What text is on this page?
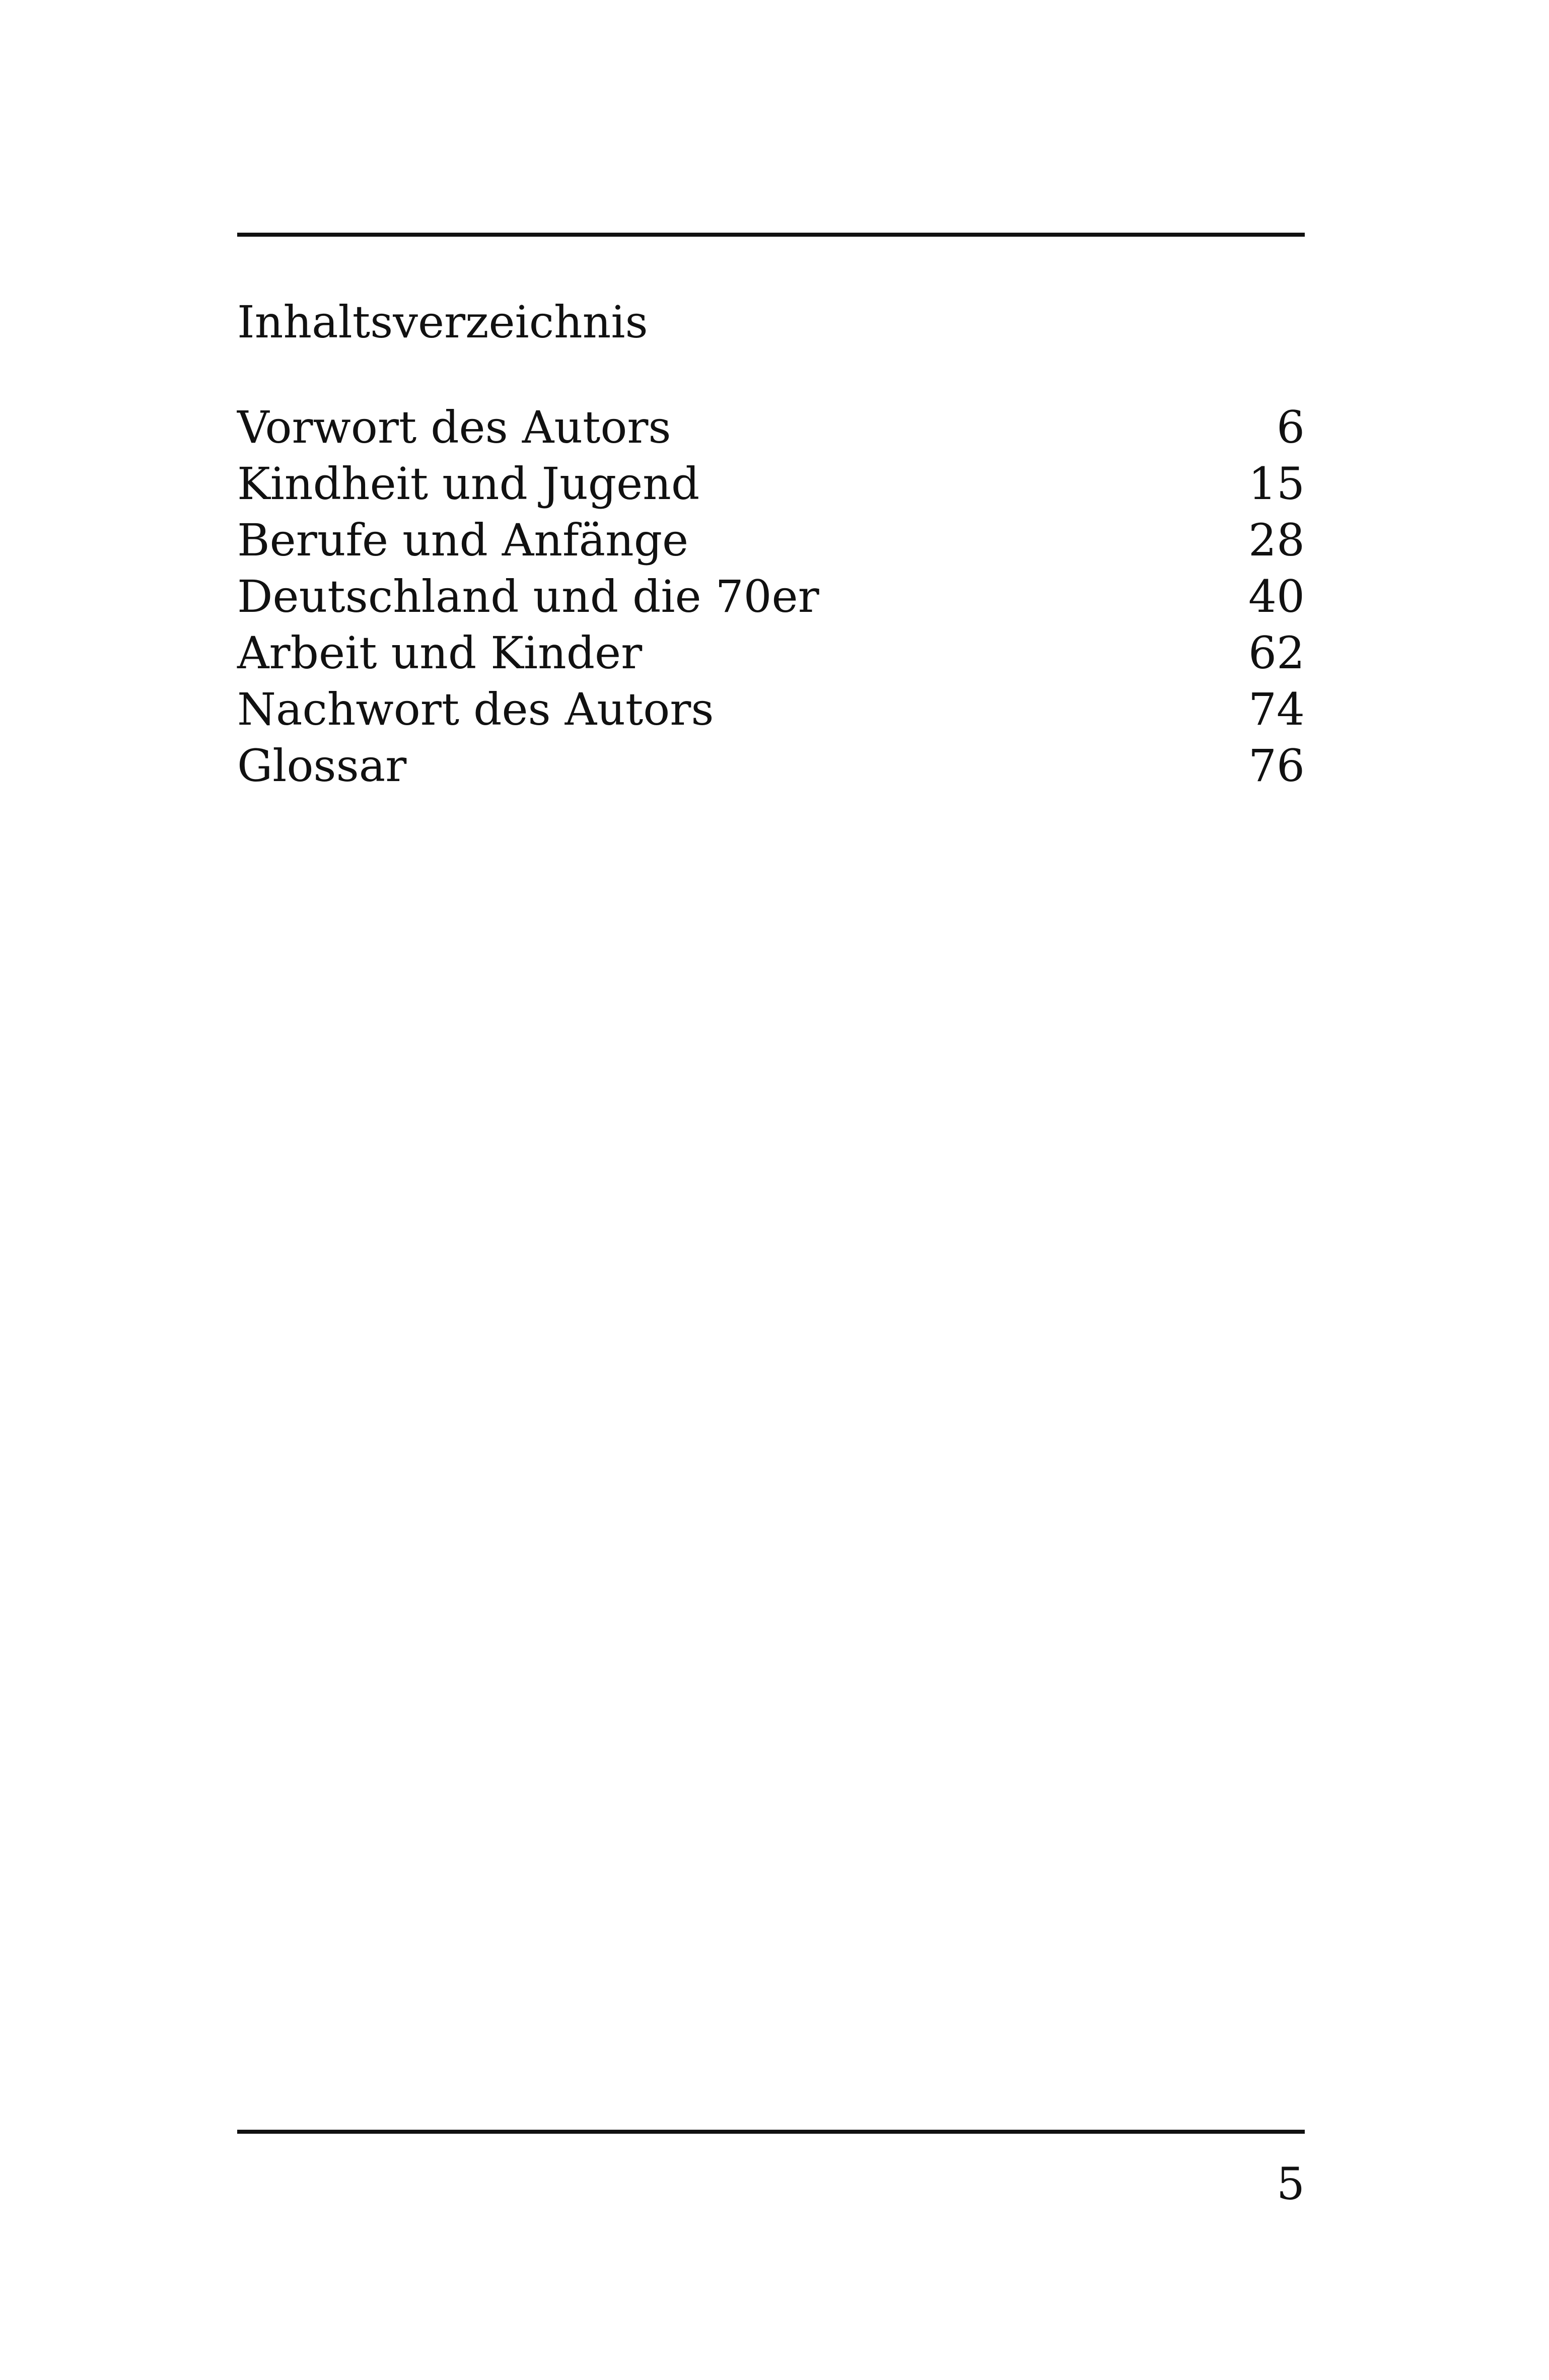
Inhaltsverzeichnis
Vorwort des Autors	6
Kindheit und Jugend	15
Berufe und Anfänge	28
Deutschland und die 70er	40
Arbeit und Kinder	62
Nachwort des Autors	74
Glossar	76
5
